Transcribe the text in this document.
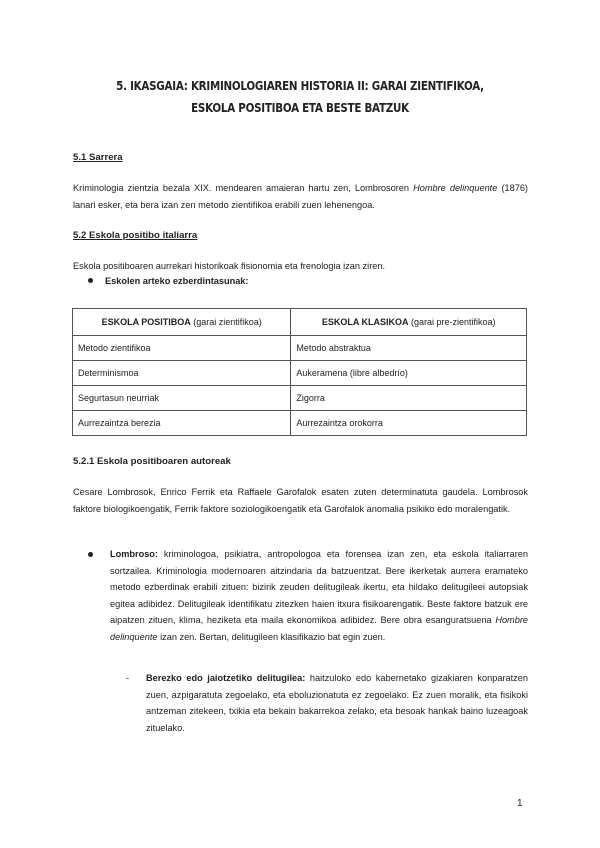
5. IKASGAIA: KRIMINOLOGIAREN HISTORIA II: GARAI ZIENTIFIKOA, ESKOLA POSITIBOA ETA BESTE BATZUK
5.1 Sarrera
Kriminologia zientzia bezala XIX. mendearen amaieran hartu zen, Lombrosoren Hombre delinquente (1876) lanari esker, eta bera izan zen metodo zientifikoa erabili zuen lehenengoa.
5.2 Eskola positibo italiarra
Eskola positiboaren aurrekari historikoak fisionomia eta frenologia izan ziren.
Eskolen arteko ezberdintasunak:
ESKOLA POSITIBOA (garai zientifikoa)	ESKOLA KLASIKOA (garai pre-zientifikoa)
Metodo zientifikoa	Metodo abstraktua
Determinismoa	Aukeramena (libre albedrío)
Segurtasun neurriak	Zigorra
Aurrezaintza berezia	Aurrezaintza orokorra
5.2.1 Eskola positiboaren autoreak
Cesare Lombrosok, Enrico Ferrik eta Raffaele Garofalok esaten zuten determinatuta gaudela. Lombrosok faktore biologikoengatik, Ferrik faktore soziologikoengatik eta Garofalok anomalia psikiko edo moralengatik.
Lombroso: kriminologoa, psikiatra, antropologoa eta forensea izan zen, eta eskola italiarraren sortzailea. Kriminologia modernoaren aitzindaria da batzuentzat. Bere ikerketak aurrera eramateko metodo ezberdinak erabili zituen: bizirik zeuden delitugileak ikertu, eta hildako delitugileei autopsiak egitea adibidez. Delitugileak identifikatu zitezken haien itxura fisikoarengatik. Beste faktore batzuk ere aipatzen zituen, klima, heziketa eta maila ekonomikoa adibidez. Bere obra esanguratsuena Hombre delinquente izan zen. Bertan, delitugileen klasifikazio bat egin zuen.
- Berezko edo jaiotzetiko delitugilea: haitzuloko edo kabernetako gizakiaren konparatzen zuen, azpigaratuta zegoelako, eta eboluzionatuta ez zegoelako. Ez zuen moralik, eta fisikoki antzeman zitekeen, txikia eta bekain bakarrekoa zelako, eta besoak hankak baino luzeagoak zituelako.
1
